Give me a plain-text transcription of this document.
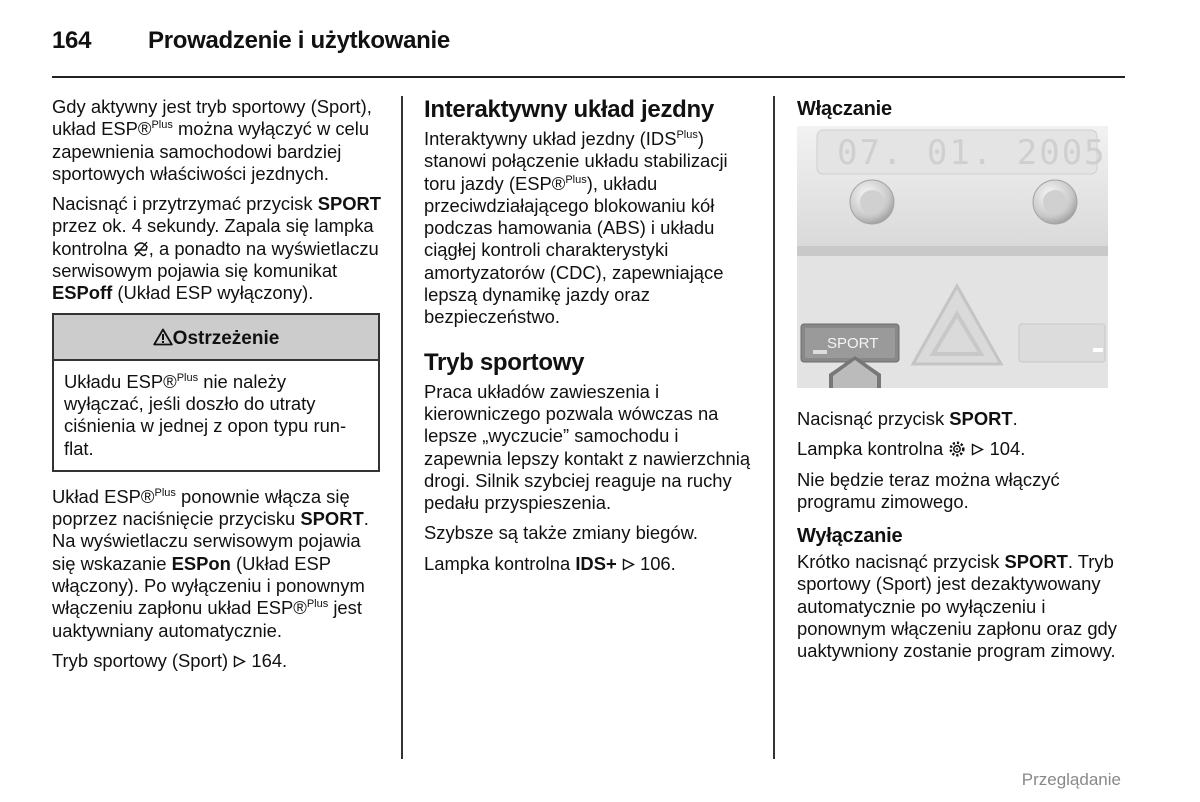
164 Prowadzenie i użytkowanie

Gdy aktywny jest tryb sportowy (Sport), układ ESP®$^{Plus}$ można wyłączyć w celu zapewnienia samochodowi bardziej sportowych właściwości jezdnych.

Nacisnąć i przytrzymać przycisk SPORT przez ok. 4 sekundy. Zapala się lampka kontrolna , a ponadto na wyświetlaczu serwisowym pojawia się komunikat ESPoff (Układ ESP wyłączony).

Ostrzeżenie
Układu ESP®$^{Plus}$ nie należy wyłączać, jeśli doszło do utraty ciśnienia w jednej z opon typu run-flat.

Układ ESP®$^{Plus}$ ponownie włącza się poprzez naciśnięcie przycisku SPORT. Na wyświetlaczu serwisowym pojawia się wskazanie ESPon (Układ ESP włączony). Po wyłączeniu i ponownym włączeniu zapłonu układ ESP®$^{Plus}$ jest uaktywniany automatycznie.

Tryb sportowy (Sport)  164.

Interaktywny układ jezdny

Interaktywny układ jezdny $(IDS^{Plus})$ stanowi połączenie układu stabilizacji toru jazdy (ESP®$^{Plus}$), układu przeciwdziałającego blokowaniu kół podczas hamowania (ABS) i układu ciągłej kontroli charakterystyki amortyzatorów (CDC), zapewniające lepszą dynamikę jazdy oraz bezpieczeństwo.

Tryb sportowy

Praca układów zawieszenia i kierowniczego pozwala wówczas na lepsze „wyczucie” samochodu i zapewnia lepszy kontakt z nawierzchnią drogi. Silnik szybciej reaguje na ruchy pedału przyspieszenia.

Szybsze są także zmiany biegów.

Lampka kontrolna IDS+ 106.

Włączanie
07. 01. 2005
SPORT

Nacisnąć przycisk SPORT.

Lampka kontrolna   104.

Nie będzie teraz można włączyć programu zimowego.

Wyłączanie

Krótko nacisnąć przycisk SPORT. Tryb sportowy (Sport) jest dezaktywowany automatycznie po wyłączeniu i ponownym włączeniu zapłonu oraz gdy uaktywniony zostanie program zimowy.

Przeglądanie
